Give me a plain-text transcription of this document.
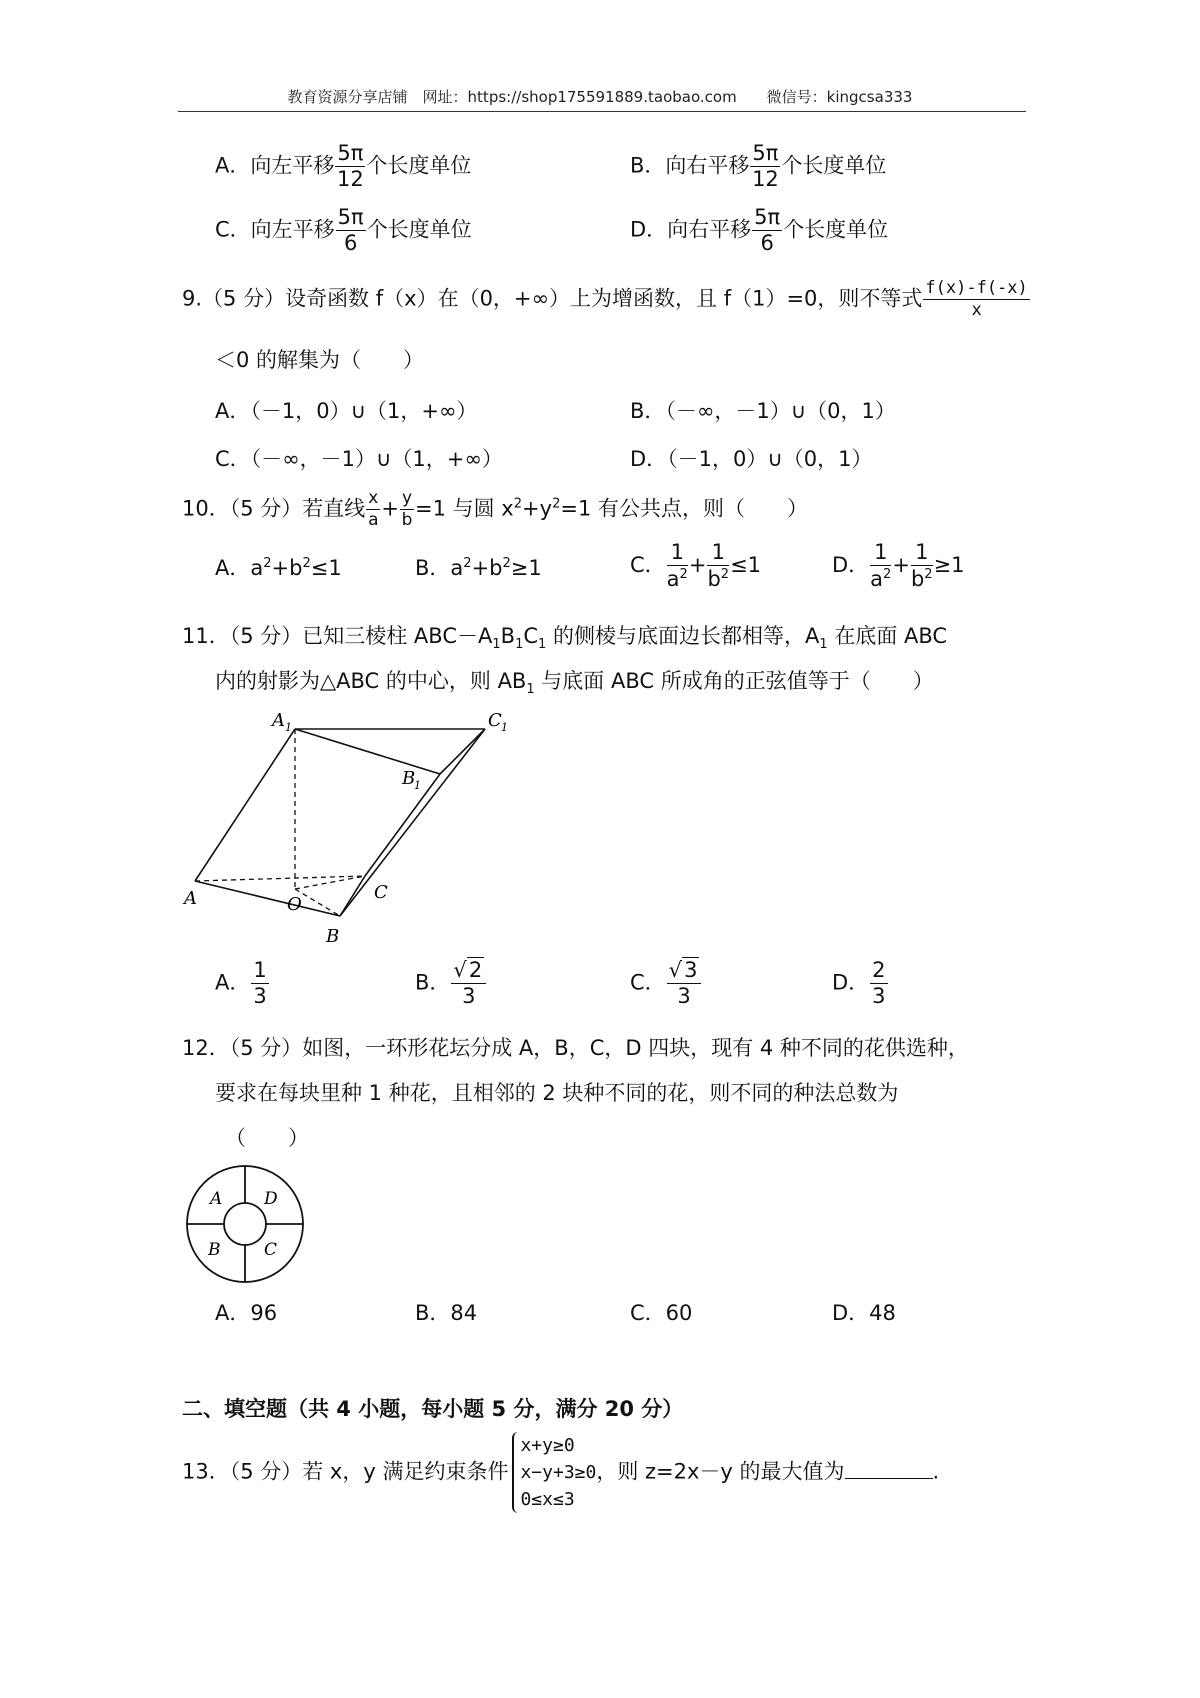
教育资源分享店铺　网址：https://shop175591889.taobao.com　　微信号：kingcsa333
A．向左平移 $\frac{5\pi}{12}$ 个长度单位	B．向右平移 $\frac{5\pi}{12}$ 个长度单位
C．向左平移 $\frac{5\pi}{6}$ 个长度单位	D．向右平移 $\frac{5\pi}{6}$ 个长度单位
9.（5 分）设奇函数 f（x）在（0，+∞）上为增函数，且 f（1）=0，则不等式 $\frac{f(x)-f(-x)}{x}$
＜0 的解集为（　　）
A．（－1，0）∪（1，+∞）	B．（－∞，－1）∪（0，1）
C．（－∞，－1）∪（1，+∞）	D．（－1，0）∪（0，1）
10．（5 分）若直线 $\frac{x}{a} + \frac{y}{b} =1$ 与圆 $x^2+y^2=1$ 有公共点，则（　　）
A．$a^2+b^2\le 1$	B．$a^2+b^2\ge 1$	C． $\frac{1}{a^2} + \frac{1}{b^2} \le 1$	D． $\frac{1}{a^2} + \frac{1}{b^2} \ge 1$
11．（5 分）已知三棱柱 $ABC-A_1B_1C_1$ 的侧棱与底面边长都相等，$A_1$ 在底面 ABC
内的射影为△ABC 的中心，则 $AB_1$ 与底面 ABC 所成角的正弦值等于（　　）
A 1	C 1
B
1
A	O
C
B
A． $\frac{1}{3}$	B． $\frac{√2}{3}$	C． $\frac{√3}{3}$	D． $\frac{2}{3}$
12．（5 分）如图，一环形花坛分成 A，B，C，D 四块，现有 4 种不同的花供选种，
要求在每块里种 1 种花，且相邻的 2 块种不同的花，则不同的种法总数为
（　　）
A D
B	C
A．96	B．84	C．60	D．48
二、填空题（共 4 小题，每小题 5 分，满分 20 分）
13．（5 分）若 x，y 满足约束条件
x+y≥0
x−y+3≥0
0≤x≤3
，则 z=2x－y 的最大值为	.
